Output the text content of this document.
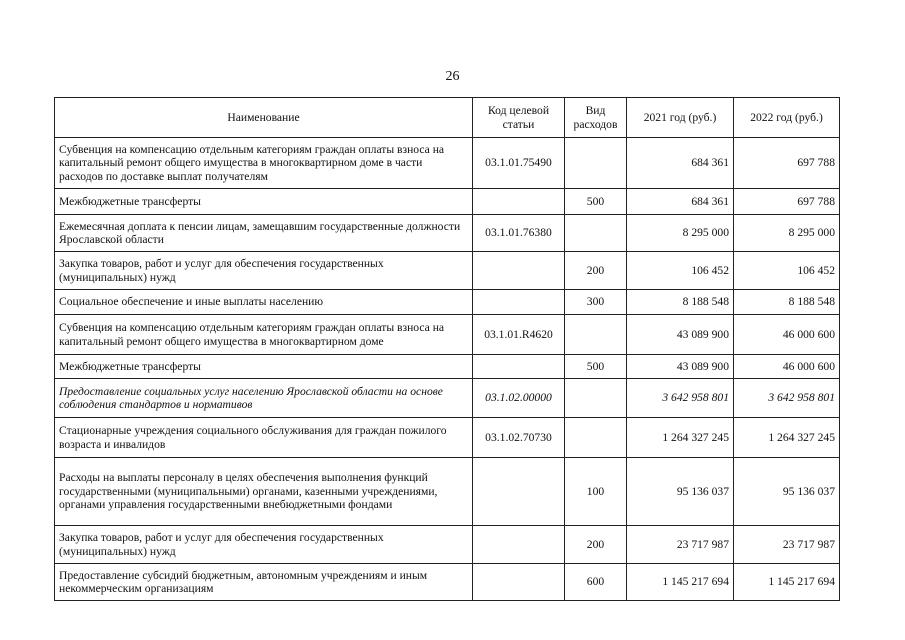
26
Наименование	Код целевой статьи	Вид расходов	2021 год (руб.)	2022 год (руб.)
Субвенция на компенсацию отдельным категориям граждан оплаты взноса на капитальный ремонт общего имущества в многоквартирном доме в части расходов по доставке выплат получателям	03.1.01.75490		684 361	697 788
Межбюджетные трансферты		500	684 361	697 788
Ежемесячная доплата к пенсии лицам, замещавшим государственные должности Ярославской области	03.1.01.76380		8 295 000	8 295 000
Закупка товаров, работ и услуг для обеспечения государственных (муниципальных) нужд		200	106 452	106 452
Социальное обеспечение и иные выплаты населению		300	8 188 548	8 188 548
Субвенция на компенсацию отдельным категориям граждан оплаты взноса на капитальный ремонт общего имущества в многоквартирном доме	03.1.01.R4620		43 089 900	46 000 600
Межбюджетные трансферты		500	43 089 900	46 000 600
Предоставление социальных услуг населению Ярославской области на основе соблюдения стандартов и нормативов	03.1.02.00000		3 642 958 801	3 642 958 801
Стационарные учреждения социального обслуживания для граждан пожилого возраста и инвалидов	03.1.02.70730		1 264 327 245	1 264 327 245
Расходы на выплаты персоналу в целях обеспечения выполнения функций государственными (муниципальными) органами, казенными учреждениями, органами управления государственными внебюджетными фондами		100	95 136 037	95 136 037
Закупка товаров, работ и услуг для обеспечения государственных (муниципальных) нужд		200	23 717 987	23 717 987
Предоставление субсидий бюджетным, автономным учреждениям и иным некоммерческим организациям		600	1 145 217 694	1 145 217 694
